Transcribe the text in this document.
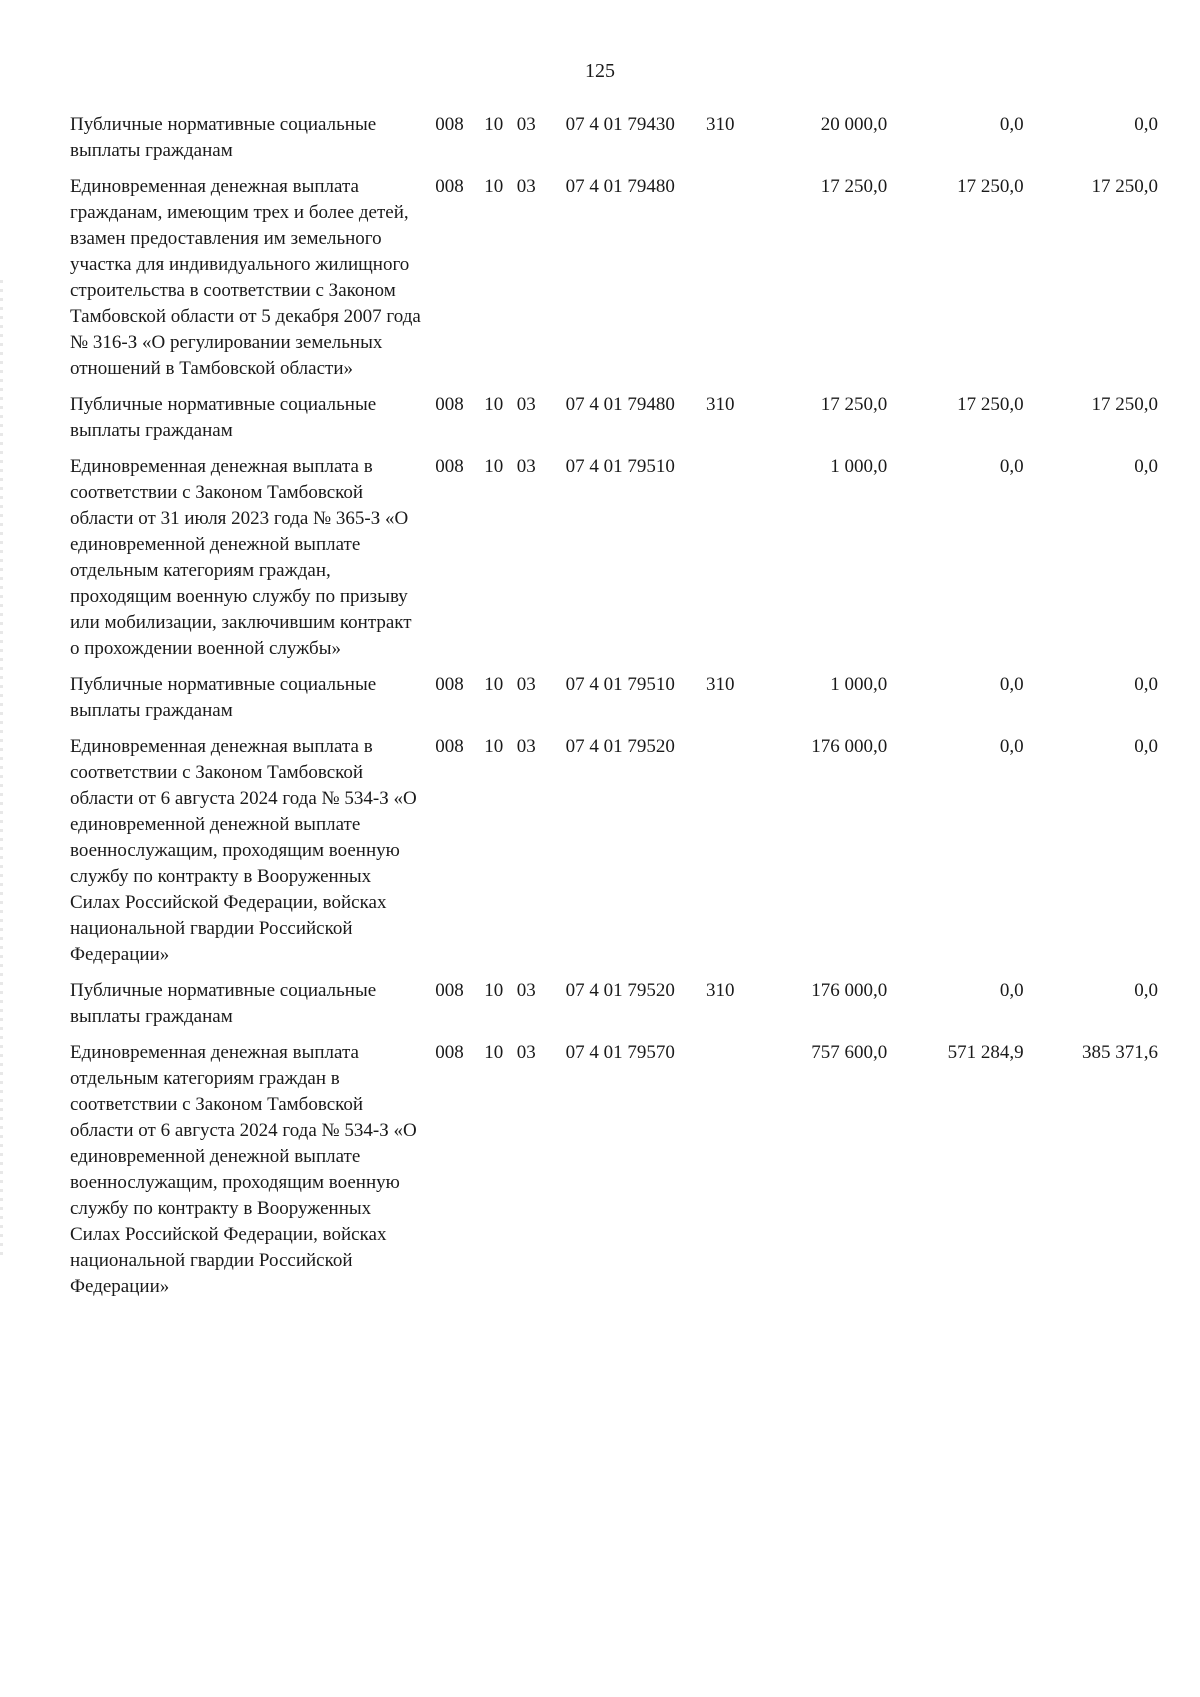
125
Публичные нормативные социальные выплаты гражданам	008	10	03	07 4 01 79430	310	20 000,0	0,0	0,0
Единовременная денежная выплата гражданам, имеющим трех и более детей, взамен предоставления им земельного участка для индивидуального жилищного строительства в соответствии с Законом Тамбовской области от 5 декабря 2007 года № 316-З «О регулировании земельных отношений в Тамбовской области»	008	10	03	07 4 01 79480		17 250,0	17 250,0	17 250,0
Публичные нормативные социальные выплаты гражданам	008	10	03	07 4 01 79480	310	17 250,0	17 250,0	17 250,0
Единовременная денежная выплата в соответствии с Законом Тамбовской области от 31 июля 2023 года № 365-З «О единовременной денежной выплате отдельным категориям граждан, проходящим военную службу по призыву или мобилизации, заключившим контракт о прохождении военной службы»	008	10	03	07 4 01 79510		1 000,0	0,0	0,0
Публичные нормативные социальные выплаты гражданам	008	10	03	07 4 01 79510	310	1 000,0	0,0	0,0
Единовременная денежная выплата в соответствии с Законом Тамбовской области от 6 августа 2024 года № 534-З «О единовременной денежной выплате военнослужащим, проходящим военную службу по контракту в Вооруженных Силах Российской Федерации, войсках национальной гвардии Российской Федерации»	008	10	03	07 4 01 79520		176 000,0	0,0	0,0
Публичные нормативные социальные выплаты гражданам	008	10	03	07 4 01 79520	310	176 000,0	0,0	0,0
Единовременная денежная выплата отдельным категориям граждан в соответствии с Законом Тамбовской области от 6 августа 2024 года № 534-З «О единовременной денежной выплате военнослужащим, проходящим военную службу по контракту в Вооруженных Силах Российской Федерации, войсках национальной гвардии Российской Федерации»	008	10	03	07 4 01 79570		757 600,0	571 284,9	385 371,6
